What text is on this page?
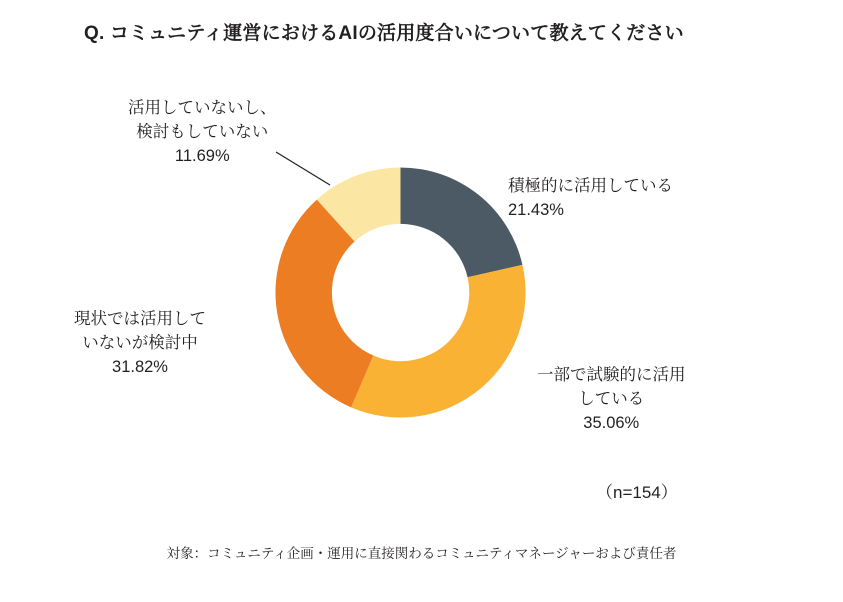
Q. コミュニティ運営におけるAIの活用度合いについて教えてください
積極的に活用している
21.43%
一部で試験的に活用
している
35.06%
現状では活用して
いないが検討中
31.82%
活用していないし、
検討もしていない
11.69%
（n=154）
対象：コミュニティ企画・運用に直接関わるコミュニティマネージャーおよび責任者
